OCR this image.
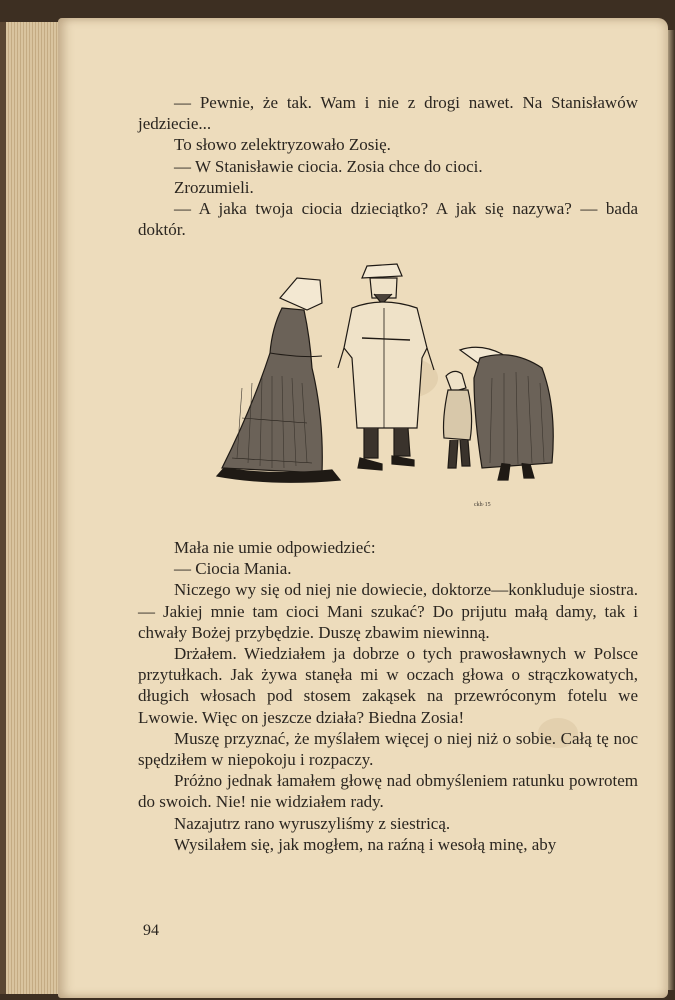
— Pewnie, że tak. Wam i nie z drogi nawet. Na Stanisławów jedziecie...

To słowo zelektryzowało Zosię.

— W Stanisławie ciocia. Zosia chce do cioci.

Zrozumieli.

— A jaka twoja ciocia dzieciątko? A jak się nazywa? — bada doktór.

ckh·15

Mała nie umie odpowiedzieć:

— Ciocia Mania.

Niczego wy się od niej nie dowiecie, doktorze—konkluduje siostra. — Jakiej mnie tam cioci Mani szukać? Do prijutu małą damy, tak i chwały Bożej przybędzie. Duszę zbawim niewinną.

Drżałem. Wiedziałem ja dobrze o tych prawosławnych w Polsce przytułkach. Jak żywa stanęła mi w oczach głowa o strączkowatych, długich włosach pod stosem zakąsek na przewróconym fotelu we Lwowie. Więc on jeszcze działa? Biedna Zosia!

Muszę przyznać, że myślałem więcej o niej niż o sobie. Całą tę noc spędziłem w niepokoju i rozpaczy.

Próżno jednak łamałem głowę nad obmyśleniem ratunku powrotem do swoich. Nie! nie widziałem rady.

Nazajutrz rano wyruszyliśmy z siestricą.

Wysilałem się, jak mogłem, na raźną i wesołą minę, aby

94
